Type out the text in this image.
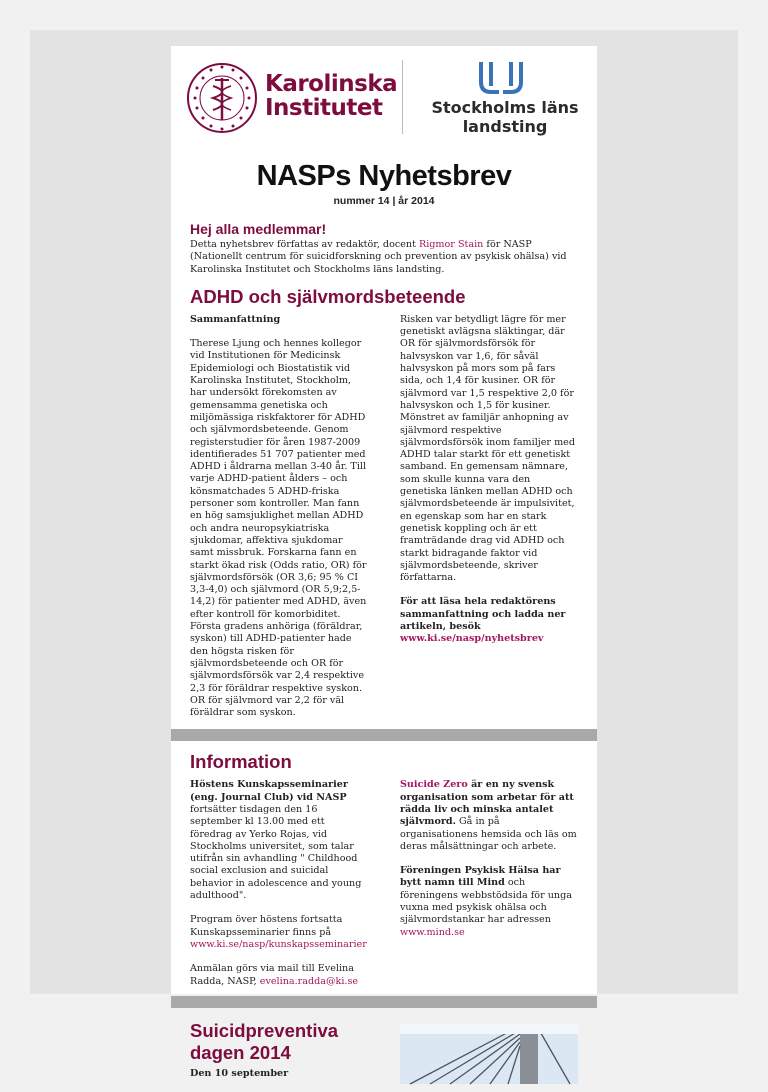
Karolinska
Institutet	Stockholms läns
landsting
NASPs Nyhetsbrev
nummer 14 | år 2014
Hej alla medlemmar!

Detta nyhetsbrev författas av redaktör, docent Rigmor Stain för NASP (Nationellt centrum för suicidforskning och prevention av psykisk ohälsa) vid Karolinska Institutet och Stockholms läns landsting.

ADHD och självmordsbeteende

Sammanfattning

Therese Ljung och hennes kollegor vid Institutionen för Medicinsk Epidemiologi och Biostatistik vid Karolinska Institutet, Stockholm, har undersökt förekomsten av gemensamma genetiska och miljömässiga riskfaktorer för ADHD och självmordsbeteende. Genom registerstudier för åren 1987-2009 identifierades 51 707 patienter med ADHD i åldrarna mellan 3-40 år. Till varje ADHD-patient ålders – och könsmatchades 5 ADHD-friska personer som kontroller. Man fann en hög samsjuklighet mellan ADHD och andra neuropsykiatriska sjukdomar, affektiva sjukdomar samt missbruk. Forskarna fann en starkt ökad risk (Odds ratio, OR) för självmordsförsök (OR 3,6; 95 % CI 3,3-4,0) och självmord (OR 5,9;2,5-14,2) för patienter med ADHD, även efter kontroll för komorbiditet. Första gradens anhöriga (föräldrar, syskon) till ADHD-patienter hade den högsta risken för självmordsbeteende och OR för självmordsförsök var 2,4 respektive 2,3 för föräldrar respektive syskon. OR för självmord var 2,2 för väl föräldrar som syskon.

Risken var betydligt lägre för mer genetiskt avlägsna släktingar, där OR för självmordsförsök för halvsyskon var 1,6, för såväl halvsyskon på mors som på fars sida, och 1,4 för kusiner. OR för självmord var 1,5 respektive 2,0 för halvsyskon och 1,5 för kusiner. Mönstret av familjär anhopning av självmord respektive självmordsförsök inom familjer med ADHD talar starkt för ett genetiskt samband. En gemensam nämnare, som skulle kunna vara den genetiska länken mellan ADHD och självmordsbeteende är impulsivitet, en egenskap som har en stark genetisk koppling och är ett framträdande drag vid ADHD och starkt bidragande faktor vid självmordsbeteende, skriver författarna.

För att läsa hela redaktörens sammanfattning och ladda ner artikeln, besök www.ki.se/nasp/nyhetsbrev

Information

Höstens Kunskapsseminarier (eng. Journal Club) vid NASP fortsätter tisdagen den 16 september kl 13.00 med ett föredrag av Yerko Rojas, vid Stockholms universitet, som talar utifrån sin avhandling " Childhood social exclusion and suicidal behavior in adolescence and young adulthood".

Program över höstens fortsatta Kunskapsseminarier finns på
www.ki.se/nasp/kunskapsseminarier

Anmälan görs via mail till Evelina Radda, NASP, evelina.radda@ki.se

Suicide Zero är en ny svensk organisation som arbetar för att rädda liv och minska antalet självmord. Gå in på organisationens hemsida och läs om deras målsättningar och arbete.

Föreningen Psykisk Hälsa har bytt namn till Mind och föreningens webbstödsida för unga vuxna med psykisk ohälsa och självmordstankar har adressen www.mind.se

Suicidpreventiva dagen 2014

Den 10 september
